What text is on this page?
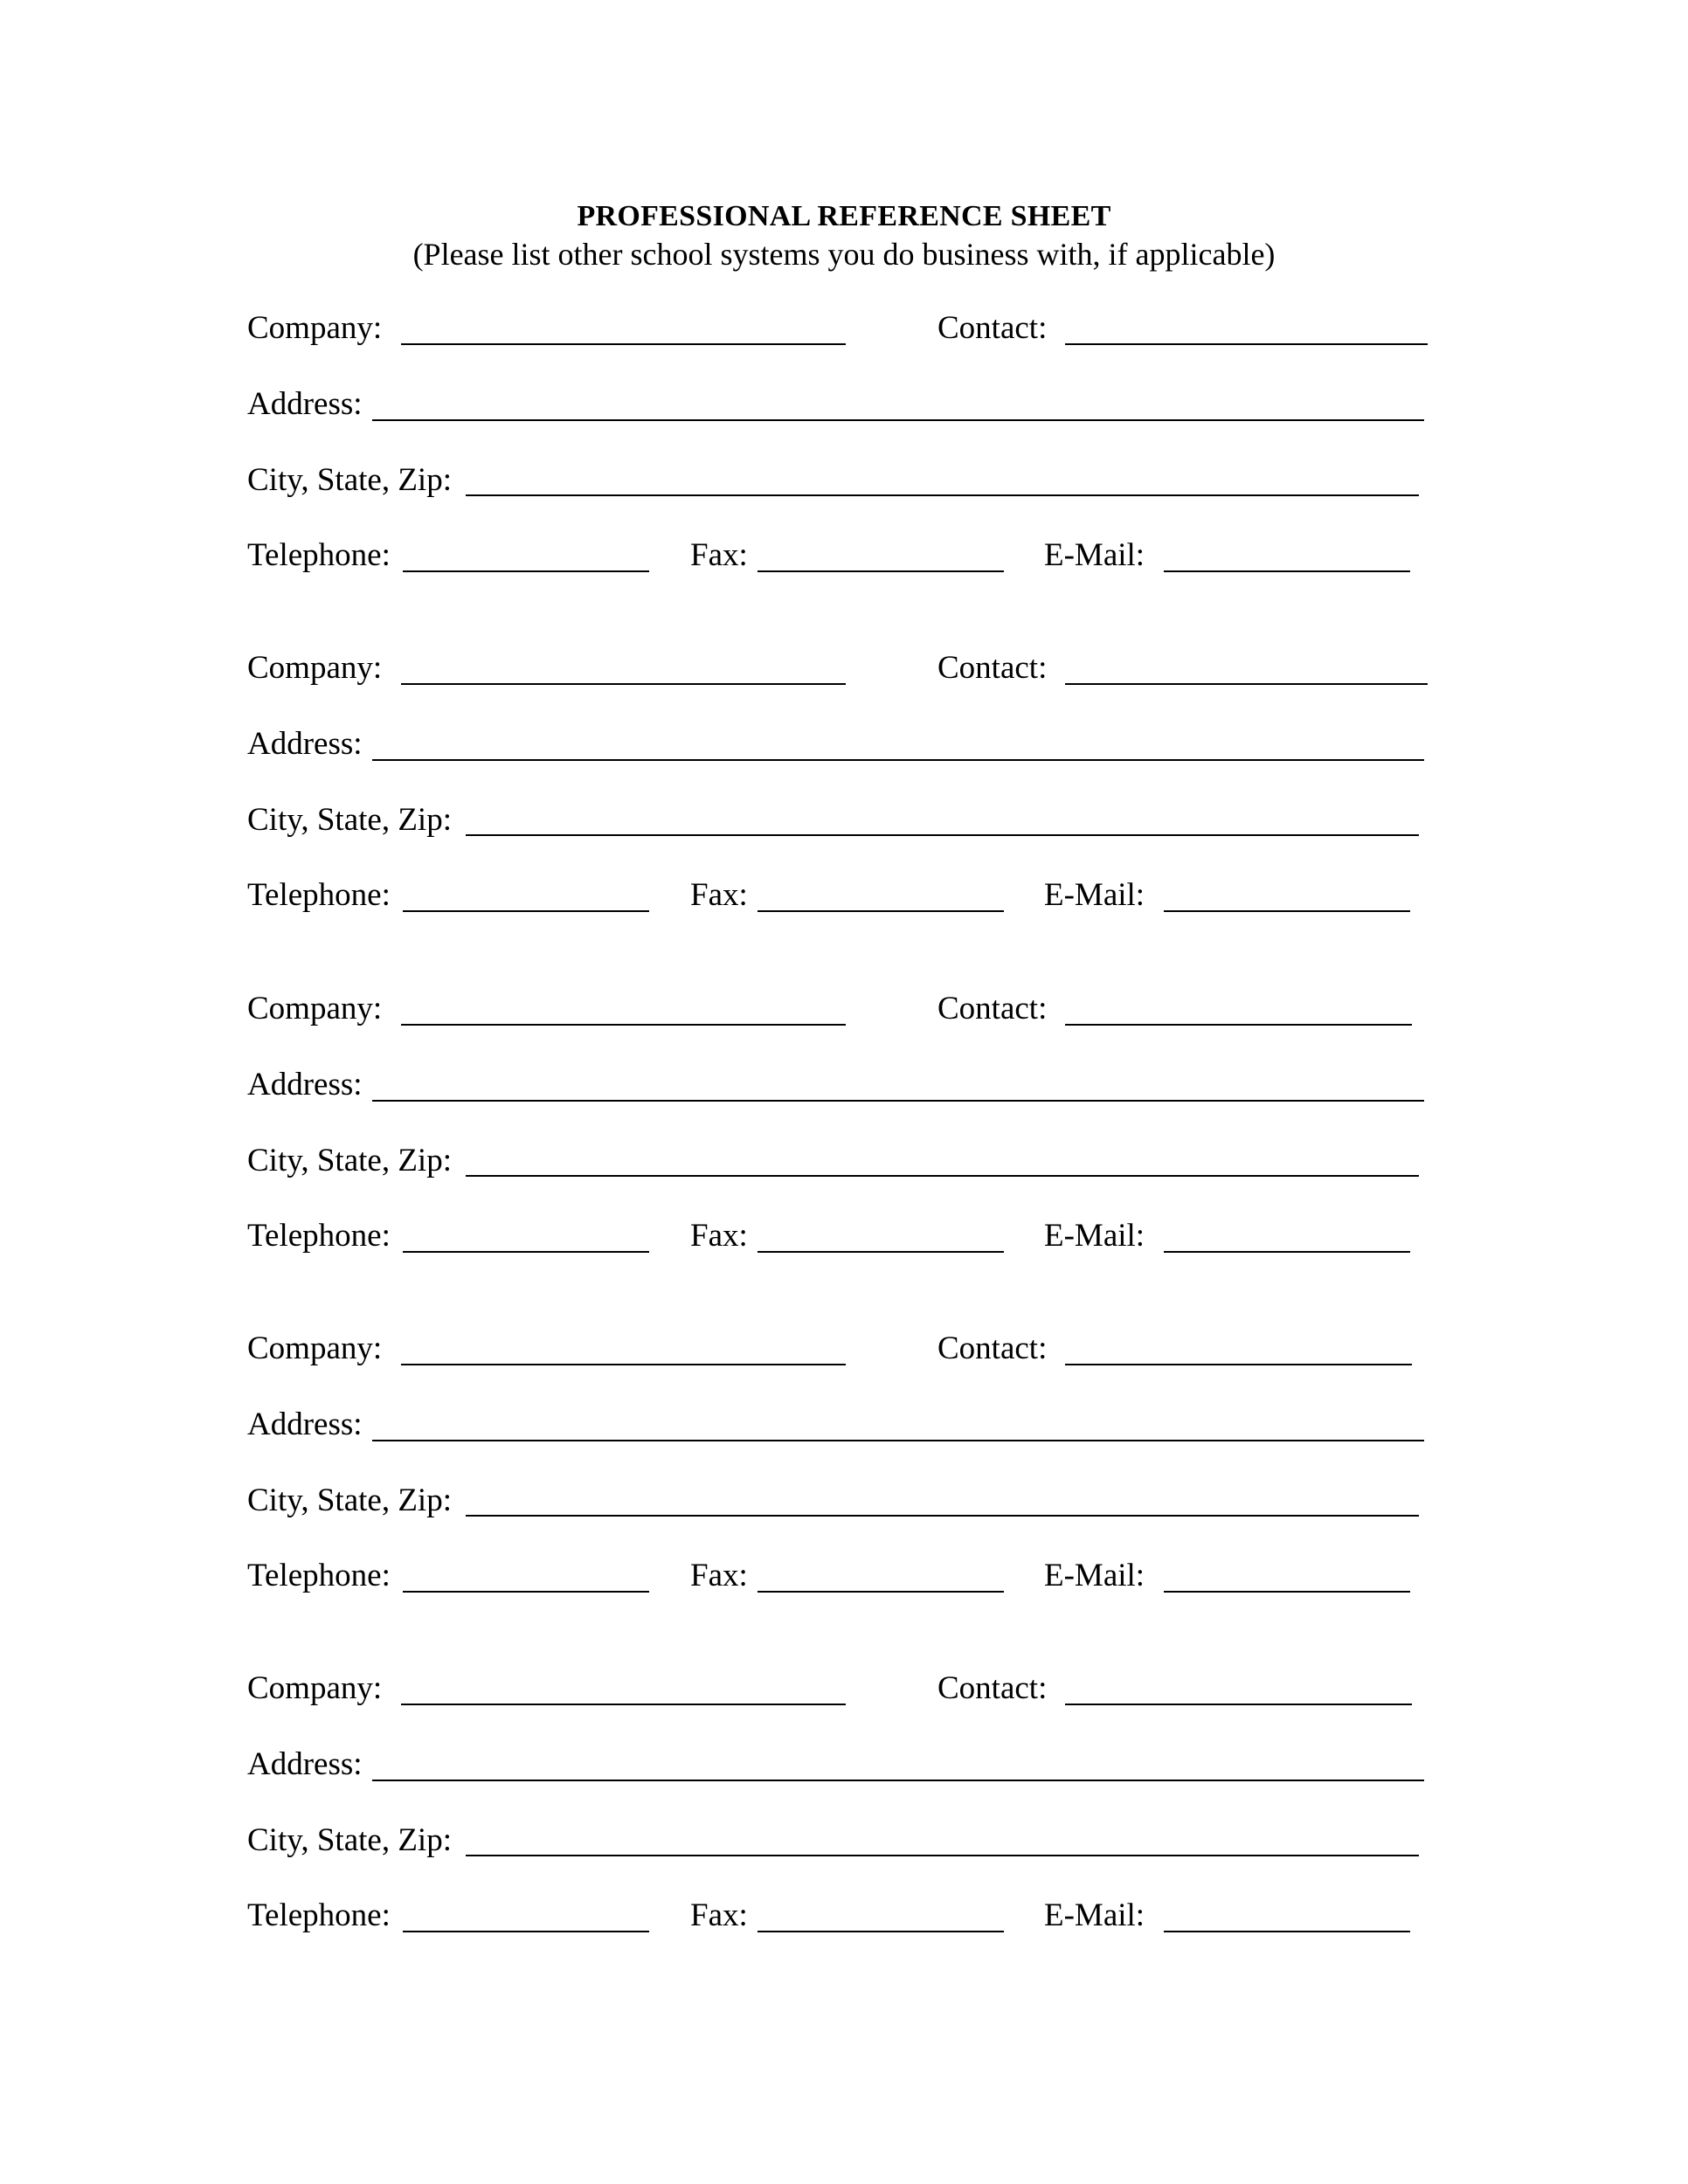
PROFESSIONAL REFERENCE SHEET
(Please list other school systems you do business with, if applicable)
Company:	Contact:
Address:
City, State, Zip:
Telephone:	Fax:	E-Mail:
Company:	Contact:
Address:
City, State, Zip:
Telephone:	Fax:	E-Mail:
Company:	Contact:
Address:
City, State, Zip:
Telephone:	Fax:	E-Mail:
Company:	Contact:
Address:
City, State, Zip:
Telephone:	Fax:	E-Mail:
Company:	Contact:
Address:
City, State, Zip:
Telephone:	Fax:	E-Mail:
